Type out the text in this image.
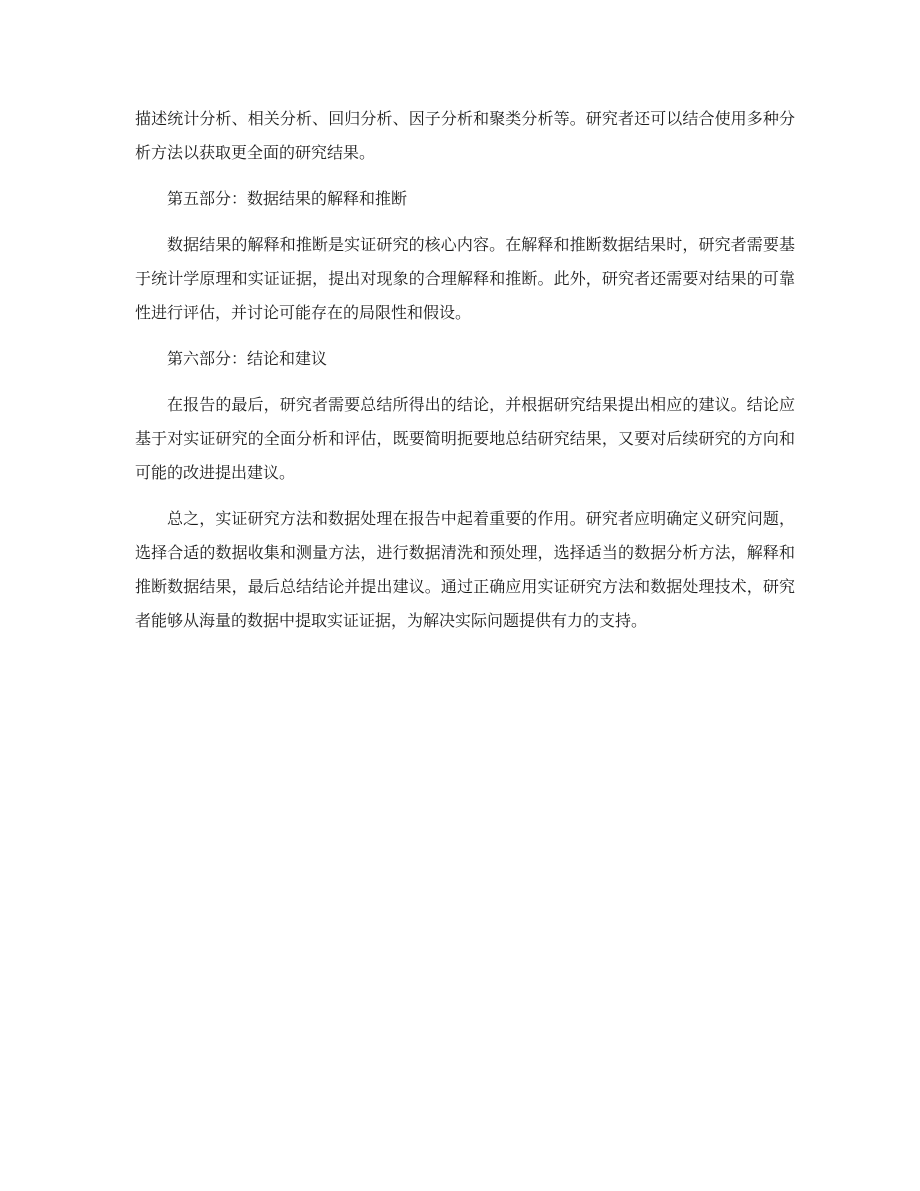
描述统计分析、相关分析、回归分析、因子分析和聚类分析等。研究者还可以结合使用多种分析方法以获取更全面的研究结果。

第五部分：数据结果的解释和推断

数据结果的解释和推断是实证研究的核心内容。在解释和推断数据结果时，研究者需要基于统计学原理和实证证据，提出对现象的合理解释和推断。此外，研究者还需要对结果的可靠性进行评估，并讨论可能存在的局限性和假设。

第六部分：结论和建议

在报告的最后，研究者需要总结所得出的结论，并根据研究结果提出相应的建议。结论应基于对实证研究的全面分析和评估，既要简明扼要地总结研究结果，又要对后续研究的方向和可能的改进提出建议。

总之，实证研究方法和数据处理在报告中起着重要的作用。研究者应明确定义研究问题，选择合适的数据收集和测量方法，进行数据清洗和预处理，选择适当的数据分析方法，解释和推断数据结果，最后总结结论并提出建议。通过正确应用实证研究方法和数据处理技术，研究者能够从海量的数据中提取实证证据，为解决实际问题提供有力的支持。
